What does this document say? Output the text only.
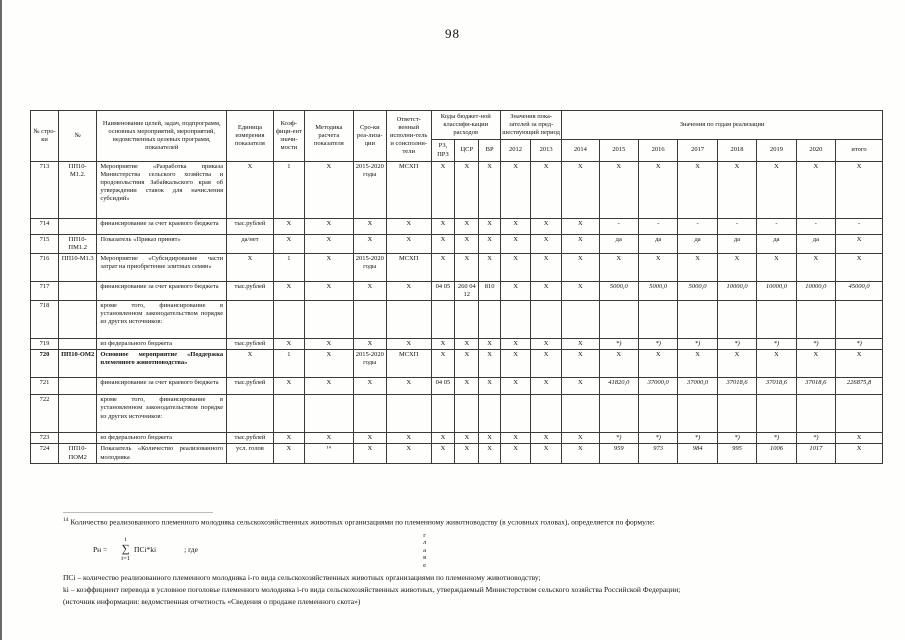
98
№ стро-ки	№	Наименование целей, задач, подпрограмм, основных мероприятий, мероприятий, ведомственных целевых программ, показателей	Единица измерения показателя	Коэф-фици-ент значи-мости	Методика расчета показателя	Сро-ки реа-лиза-ции	Ответст-венный исполни-тель и соисполни-тели	Коды бюджет-ной классифи-кации расходов			Значения пока-зателей за пред-шествующий период		Значения по годам реализации							
								РЗ, ПРЗ	ЦСР	ВР	2012	2013	2014	2015	2016	2017	2018	2019	2020	итого
713	ПП10-М1.2.	Мероприятие «Разработка приказа Министерства сельского хозяйства и продовольствия Забайкальского края об утверждении ставок для начисления субсидий»	X	1	X	2015-2020 годы	МСХП	X	X	X	X	X	X	X	X	X	X	X	X	X
714		финансирование за счет краевого бюджета	тыс.рублей	X	X	X	X	X	X	X	X	X	X	-	-	-	-	-	-	-
715	ПП10-ПМ1.2	Показатель «Приказ принят»	да/нет	X	X	X	X	X	X	X	X	X	X	да	да	да	да	да	да	X
716	ПП10-М1.3	Мероприятие «Субсидирование части затрат на приобретение элитных семян»	X	1	X	2015-2020 годы	МСХП	X	X	X	X	X	X	X	X	X	X	X	X	X
717		финансирование за счет краевого бюджета	тыс.рублей	X	X	X	X	04 05	260 04 12	810	X	X	X	5000,0	5000,0	5000,0	10000,0	10000,0	10000,0	45000,0
718		кроме того, финансирование в установленном законодательством порядке из других источников:																		
719		из федерального бюджета	тыс.рублей	X	X	X	X	X	X	X	X	X	X	*)	*)	*)	*)	*)	*)	*)
720	ПП10-ОМ2	Основное мероприятие «Поддержка племенного животноводства»	X	1	X	2015-2020 годы	МСХП	X	X	X	X	X	X	X	X	X	X	X	X	X
721		финансирование за счет краевого бюджета	тыс.рублей	X	X	X	X	04 05	X	X	X	X	X	41820,0	37000,0	37000,0	37018,6	37018,6	37018,6	226875,8
722		кроме того, финансирование в установленном законодательством порядке из других источников:																		
723		из федерального бюджета	тыс.рублей	X	X	X	X	X	X	X	X	X	X	*)	*)	*)	*)	*)	*)	X
724	ПП10-ПОМ2	Показатель «Количество реализованного молодняка	усл. голов	X	¹⁴	X	X	X	X	X	X	X	X	959	973	984	995	1006	1017	X
$^{14}$ Количество реализованного племенного молодняка сельскохозяйственных животных организациями по племенному животноводству (в условных головах), определяется по формуле:
Рн =
i
∑
i=1
ПСi*ki	; где
г
л
а
в
е
ПСi – количество реализованного племенного молодняка i-го вида сельскохозяйственных животных организациями по племенному животноводству;
ki – коэффициент перевода в условное поголовье племенного молодняка i-го вида сельскохозяйственных животных, утверждаемый Министерством сельского хозяйства Российской Федерации;
(источник информации: ведомственная отчетность «Сведения о продаже племенного скота»)
